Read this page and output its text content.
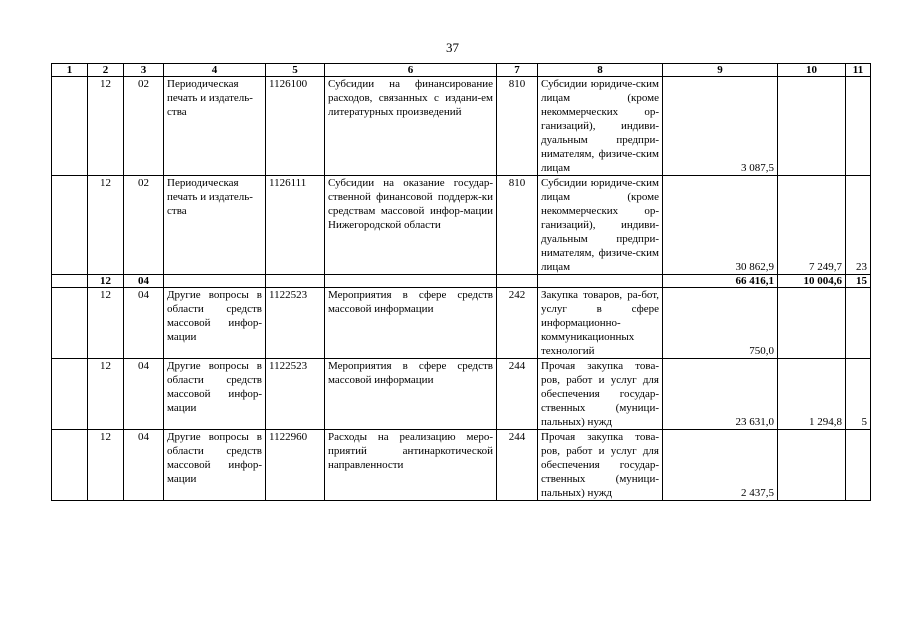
37
1	2	3	4	5	6	7	8	9	10	11
	12	02	Периодическая печать и издатель-ства	1126100	Субсидии на финансирование расходов, связанных с издани-ем литературных произведений	810	Субсидии юридиче-ским лицам (кроме некоммерческих ор-ганизаций), индиви-дуальным предпри-нимателям, физиче-ским лицам	3 087,5		
	12	02	Периодическая печать и издатель-ства	1126111	Субсидии на оказание государ-ственной финансовой поддерж-ки средствам массовой инфор-мации Нижегородской области	810	Субсидии юридиче-ским лицам (кроме некоммерческих ор-ганизаций), индиви-дуальным предпри-нимателям, физиче-ским лицам	30 862,9	7 249,7	23
	12	04						66 416,1	10 004,6	15
	12	04	Другие вопросы в области средств массовой инфор-мации	1122523	Мероприятия в сфере средств массовой информации	242	Закупка товаров, ра-бот, услуг в сфере информационно-коммуникационных технологий	750,0		
	12	04	Другие вопросы в области средств массовой инфор-мации	1122523	Мероприятия в сфере средств массовой информации	244	Прочая закупка това-ров, работ и услуг для обеспечения государ-ственных (муници-пальных) нужд	23 631,0	1 294,8	5
	12	04	Другие вопросы в области средств массовой инфор-мации	1122960	Расходы на реализацию меро-приятий антинаркотической направленности	244	Прочая закупка това-ров, работ и услуг для обеспечения государ-ственных (муници-пальных) нужд	2 437,5		
